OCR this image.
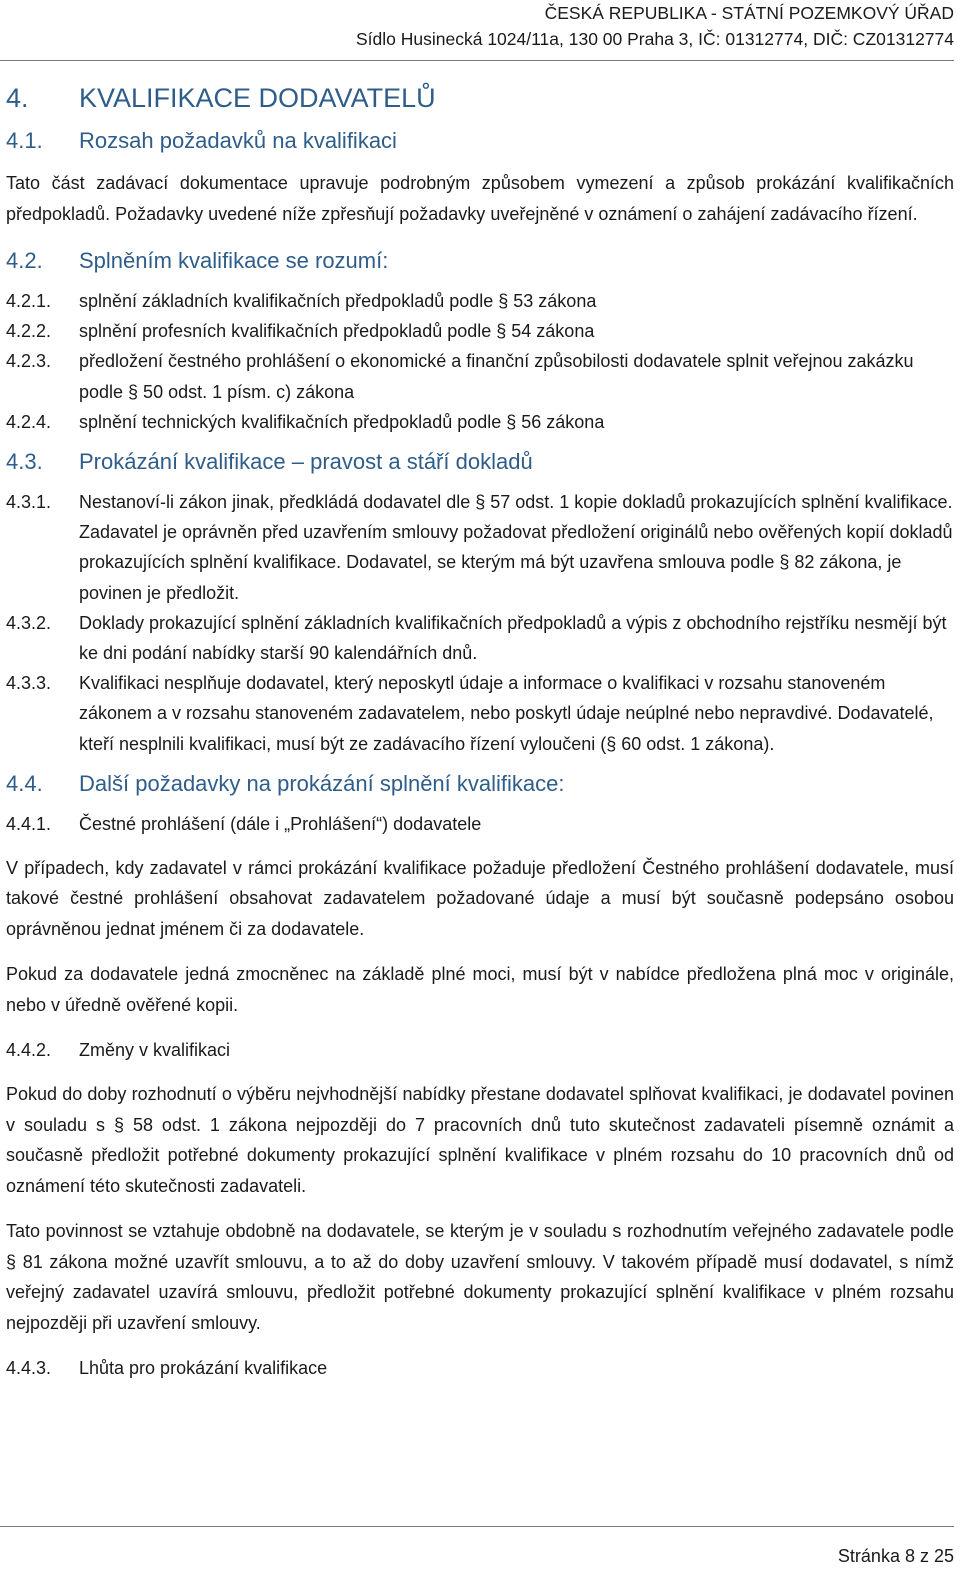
ČESKÁ REPUBLIKA - STÁTNÍ POZEMKOVÝ ÚŘAD
Sídlo Husinecká 1024/11a, 130 00 Praha 3, IČ: 01312774, DIČ: CZ01312774
4.	KVALIFIKACE DODAVATELŮ
4.1.	Rozsah požadavků na kvalifikaci

Tato část zadávací dokumentace upravuje podrobným způsobem vymezení a způsob prokázání kvalifikačních předpokladů. Požadavky uvedené níže zpřesňují požadavky uveřejněné v oznámení o zahájení zadávacího řízení.

4.2.	Splněním kvalifikace se rozumí:
4.2.1.	splnění základních kvalifikačních předpokladů podle § 53 zákona
4.2.2.	splnění profesních kvalifikačních předpokladů podle § 54 zákona
4.2.3.	předložení čestného prohlášení o ekonomické a finanční způsobilosti dodavatele splnit veřejnou zakázku podle § 50 odst. 1 písm. c) zákona
4.2.4.	splnění technických kvalifikačních předpokladů podle § 56 zákona
4.3.	Prokázání kvalifikace – pravost a stáří dokladů
4.3.1.	Nestanoví-li zákon jinak, předkládá dodavatel dle § 57 odst. 1 kopie dokladů prokazujících splnění kvalifikace. Zadavatel je oprávněn před uzavřením smlouvy požadovat předložení originálů nebo ověřených kopií dokladů prokazujících splnění kvalifikace. Dodavatel, se kterým má být uzavřena smlouva podle § 82 zákona, je povinen je předložit.
4.3.2.	Doklady prokazující splnění základních kvalifikačních předpokladů a výpis z obchodního rejstříku nesmějí být ke dni podání nabídky starší 90 kalendářních dnů.
4.3.3.	Kvalifikaci nesplňuje dodavatel, který neposkytl údaje a informace o kvalifikaci v rozsahu stanoveném zákonem a v rozsahu stanoveném zadavatelem, nebo poskytl údaje neúplné nebo nepravdivé. Dodavatelé, kteří nesplnili kvalifikaci, musí být ze zadávacího řízení vyloučeni (§ 60 odst. 1 zákona).
4.4.	Další požadavky na prokázání splnění kvalifikace:
4.4.1.	Čestné prohlášení (dále i „Prohlášení“) dodavatele

V případech, kdy zadavatel v rámci prokázání kvalifikace požaduje předložení Čestného prohlášení dodavatele, musí takové čestné prohlášení obsahovat zadavatelem požadované údaje a musí být současně podepsáno osobou oprávněnou jednat jménem či za dodavatele.

Pokud za dodavatele jedná zmocněnec na základě plné moci, musí být v nabídce předložena plná moc v originále, nebo v úředně ověřené kopii.

4.4.2.	Změny v kvalifikaci

Pokud do doby rozhodnutí o výběru nejvhodnější nabídky přestane dodavatel splňovat kvalifikaci, je dodavatel povinen v souladu s § 58 odst. 1 zákona nejpozději do 7 pracovních dnů tuto skutečnost zadavateli písemně oznámit a současně předložit potřebné dokumenty prokazující splnění kvalifikace v plném rozsahu do 10 pracovních dnů od oznámení této skutečnosti zadavateli.

Tato povinnost se vztahuje obdobně na dodavatele, se kterým je v souladu s rozhodnutím veřejného zadavatele podle § 81 zákona možné uzavřít smlouvu, a to až do doby uzavření smlouvy. V takovém případě musí dodavatel, s nímž veřejný zadavatel uzavírá smlouvu, předložit potřebné dokumenty prokazující splnění kvalifikace v plném rozsahu nejpozději při uzavření smlouvy.

4.4.3.	Lhůta pro prokázání kvalifikace
Stránka 8 z 25
